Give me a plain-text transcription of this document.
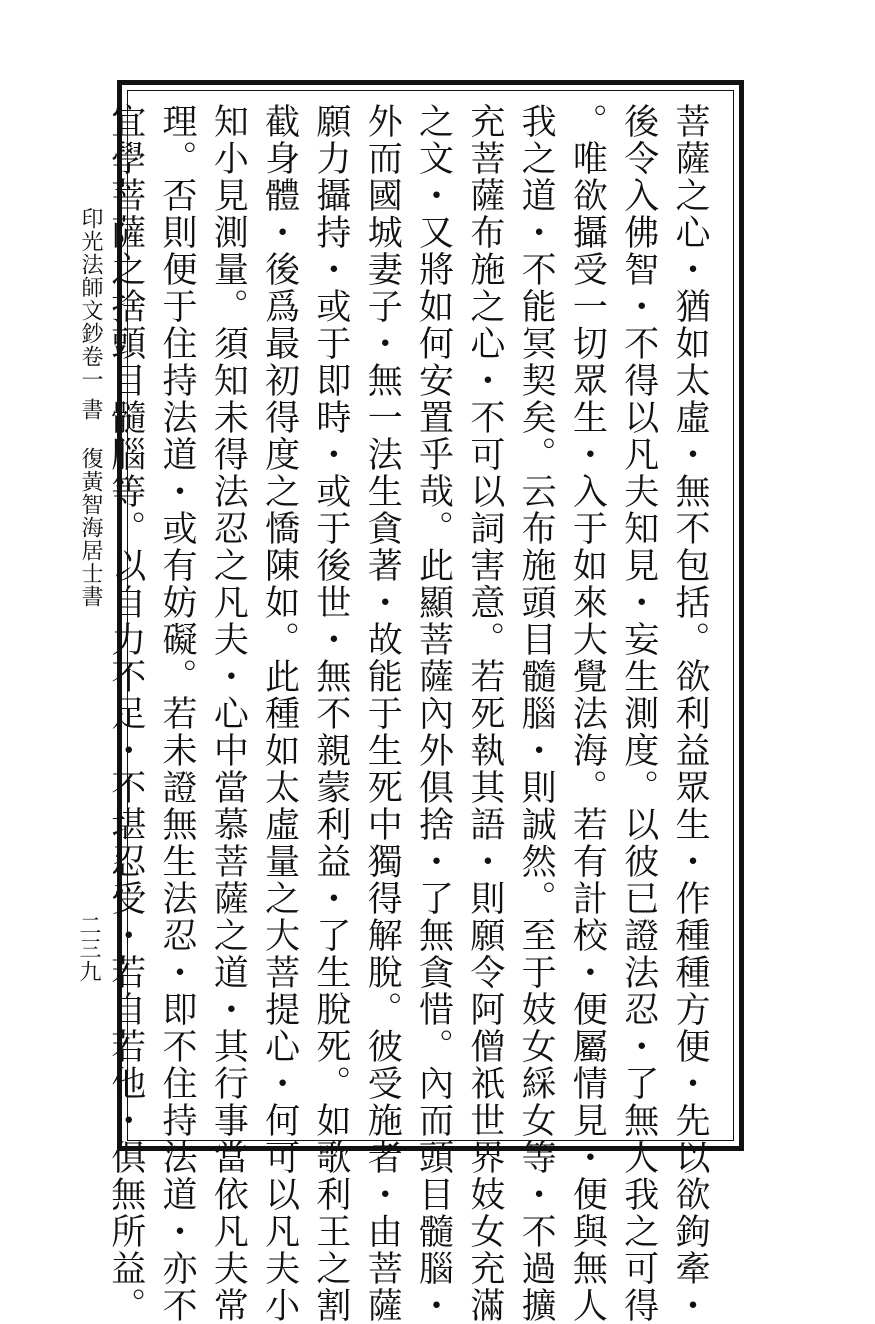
菩薩之心・猶如太虛・無不包括。欲利益眾生・作種種方便・先以欲鉤牽・
後令入佛智・不得以凡夫知見・妄生測度。以彼已證法忍・了無人我之可得
。唯欲攝受一切眾生・入于如來大覺法海。若有計校・便屬情見・便與無人
我之道・不能冥契矣。云布施頭目髓腦・則誠然。至于妓女綵女等・不過擴
充菩薩布施之心・不可以詞害意。若死執其語・則願令阿僧祇世界妓女充滿
之文・又將如何安置乎哉。此顯菩薩內外俱捨・了無貪惜。內而頭目髓腦・
外而國城妻子・無一法生貪著・故能于生死中獨得解脫。彼受施者・由菩薩
願力攝持・或于即時・或于後世・無不親蒙利益・了生脫死。如歌利王之割
截身體・後爲最初得度之憍陳如。此種如太虛量之大菩提心・何可以凡夫小
知小見測量。須知未得法忍之凡夫・心中當慕菩薩之道・其行事當依凡夫常
理。否則便于住持法道・或有妨礙。若未證無生法忍・即不住持法道・亦不
宜學菩薩之捨頭目髓腦等。以自力不足・不堪忍受・若自若他・俱無所益。
印光法師文鈔卷一
書
復黃智海居士書
二三九
